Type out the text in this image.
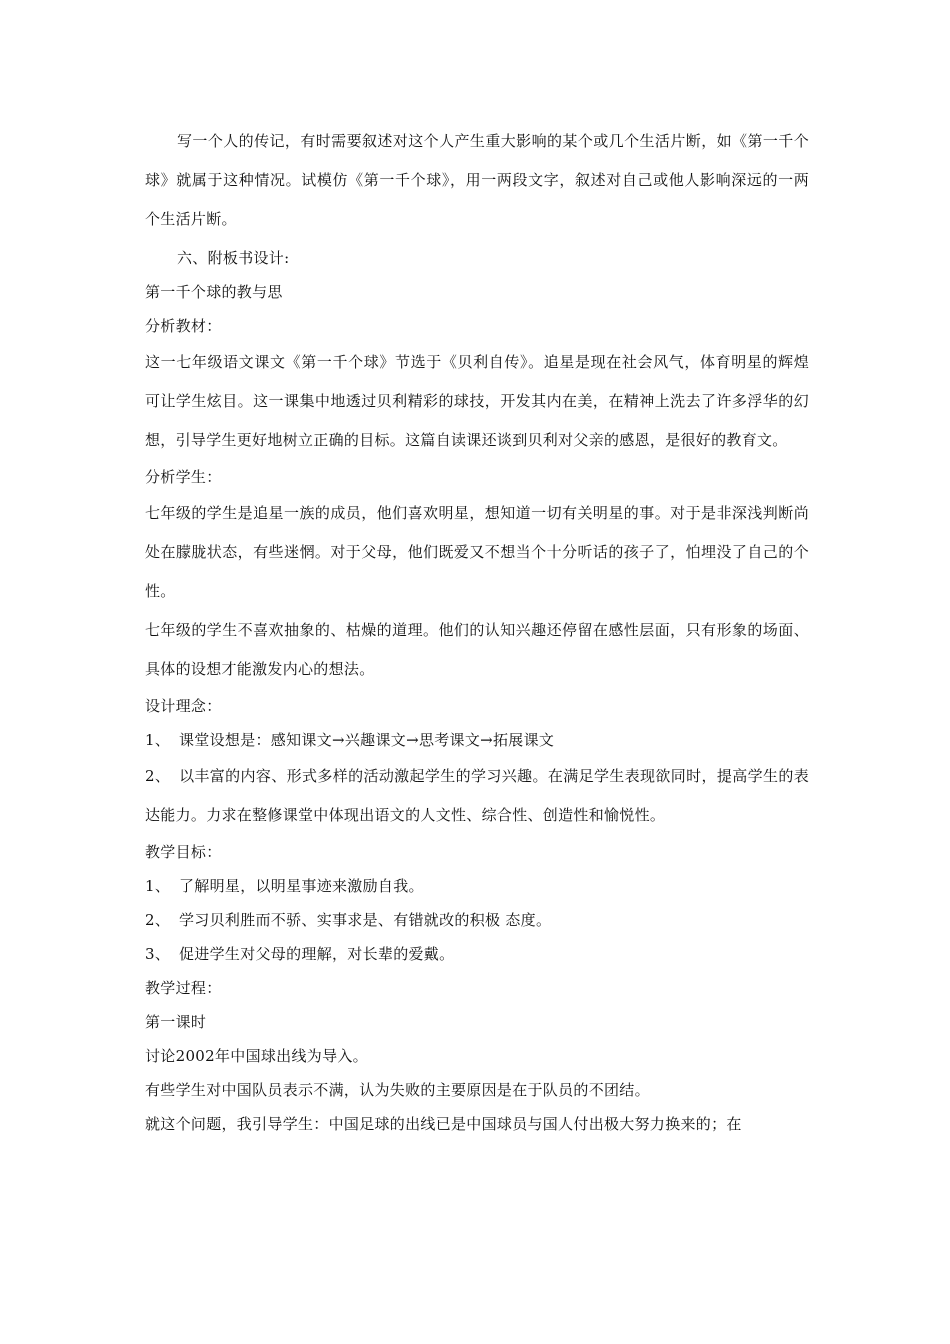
写一个人的传记，有时需要叙述对这个人产生重大影响的某个或几个生活片断，如《第一千个球》就属于这种情况。试模仿《第一千个球》，用一两段文字，叙述对自己或他人影响深远的一两个生活片断。

六、附板书设计:

第一千个球的教与思

分析教材：

这一七年级语文课文《第一千个球》节选于《贝利自传》。追星是现在社会风气，体育明星的辉煌可让学生炫目。这一课集中地透过贝利精彩的球技，开发其内在美，在精神上洗去了许多浮华的幻想，引导学生更好地树立正确的目标。这篇自读课还谈到贝利对父亲的感恩，是很好的教育文。

分析学生：

七年级的学生是追星一族的成员，他们喜欢明星，想知道一切有关明星的事。对于是非深浅判断尚处在朦胧状态，有些迷惘。对于父母，他们既爱又不想当个十分听话的孩子了，怕埋没了自己的个性。

七年级的学生不喜欢抽象的、枯燥的道理。他们的认知兴趣还停留在感性层面，只有形象的场面、具体的设想才能激发内心的想法。

设计理念：

1、 课堂设想是：感知课文→兴趣课文→思考课文→拓展课文

2、 以丰富的内容、形式多样的活动激起学生的学习兴趣。在满足学生表现欲同时，提高学生的表达能力。力求在整修课堂中体现出语文的人文性、综合性、创造性和愉悦性。

教学目标：

1、 了解明星，以明星事迹来激励自我。

2、 学习贝利胜而不骄、实事求是、有错就改的积极 态度。

3、 促进学生对父母的理解，对长辈的爱戴。

教学过程：

第一课时

讨论2002年中国球出线为导入。

有些学生对中国队员表示不满，认为失败的主要原因是在于队员的不团结。

就这个问题，我引导学生：中国足球的出线已是中国球员与国人付出极大努力换来的；在
